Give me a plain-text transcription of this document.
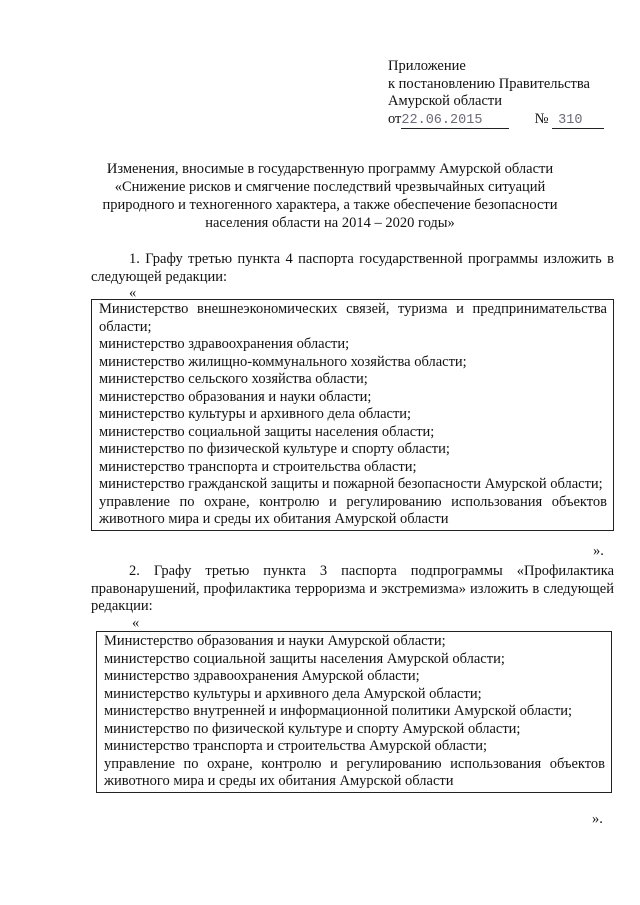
Приложение
к постановлению Правительства
Амурской области
от22.06.2015	№ 310
Изменения, вносимые в государственную программу Амурской области
«Снижение рисков и смягчение последствий чрезвычайных ситуаций
природного и техногенного характера, а также обеспечение безопасности
населения области на 2014 – 2020 годы»
1. Графу третью пункта 4 паспорта государственной программы изложить в следующей редакции:
«
Министерство внешнеэкономических связей, туризма и предпринимательства области;
министерство здравоохранения области;
министерство жилищно-коммунального хозяйства области;
министерство сельского хозяйства области;
министерство образования и науки области;
министерство культуры и архивного дела области;
министерство социальной защиты населения области;
министерство по физической культуре и спорту области;
министерство транспорта и строительства области;
министерство гражданской защиты и пожарной безопасности Амурской области;
управление по охране, контролю и регулированию использования объектов животного мира и среды их обитания Амурской области
».
2. Графу третью пункта 3 паспорта подпрограммы «Профилактика правонарушений, профилактика терроризма и экстремизма» изложить в следующей редакции:
«
Министерство образования и науки Амурской области;
министерство социальной защиты населения Амурской области;
министерство здравоохранения Амурской области;
министерство культуры и архивного дела Амурской области;
министерство внутренней и информационной политики Амурской области;
министерство по физической культуре и спорту Амурской области;
министерство транспорта и строительства Амурской области;
управление по охране, контролю и регулированию использования объектов животного мира и среды их обитания Амурской области
».
